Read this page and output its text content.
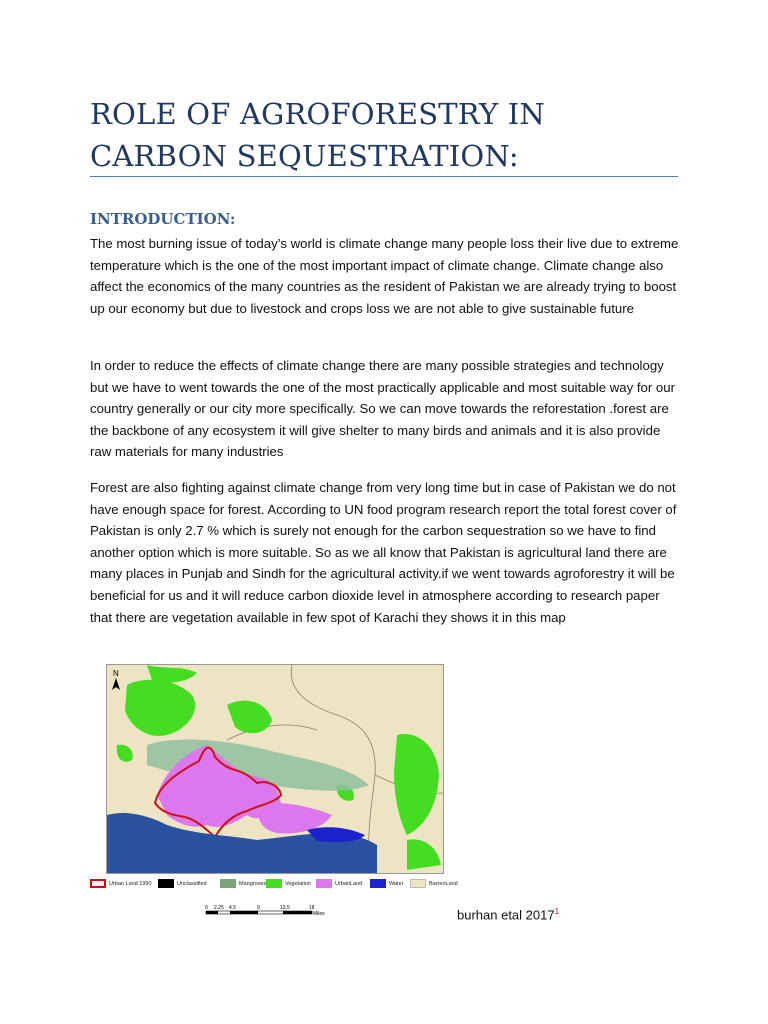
ROLE OF AGROFORESTRY IN CARBON SEQUESTRATION:
INTRODUCTION:

The most burning issue of today’s world is climate change many people loss their live due to extreme temperature which is the one of the most important impact of climate change. Climate change also affect the economics of the many countries as the resident of Pakistan we are already trying to boost up our economy but due to livestock and crops loss we are not able to give sustainable future

In order to reduce the effects of climate change there are many possible strategies and technology but we have to went towards the one of the most practically applicable and most suitable way for our country generally or our city more specifically. So we can move towards the reforestation .forest are the backbone of any ecosystem it will give shelter to many birds and animals and it is also provide raw materials for many industries

Forest are also fighting against climate change from very long time but in case of Pakistan we do not have enough space for forest. According to UN food program research report the total forest cover of Pakistan is only 2.7 % which is surely not enough for the carbon sequestration so we have to find another option which is more suitable. So as we all know that Pakistan is agricultural land there are many places in Punjab and Sindh for the agricultural activity.if we went towards agroforestry it will be beneficial for us and it will reduce carbon dioxide level in atmosphere according to research paper that there are vegetation available in few spot of Karachi they shows it in this map

N
Urban Land 1990	Unclassified	Mangroves	Vegetation	UrbanLand	Water	BarrenLand
0 2.25 4.5	9	13.5	18
Miles	burhan etal 2017$^1$
